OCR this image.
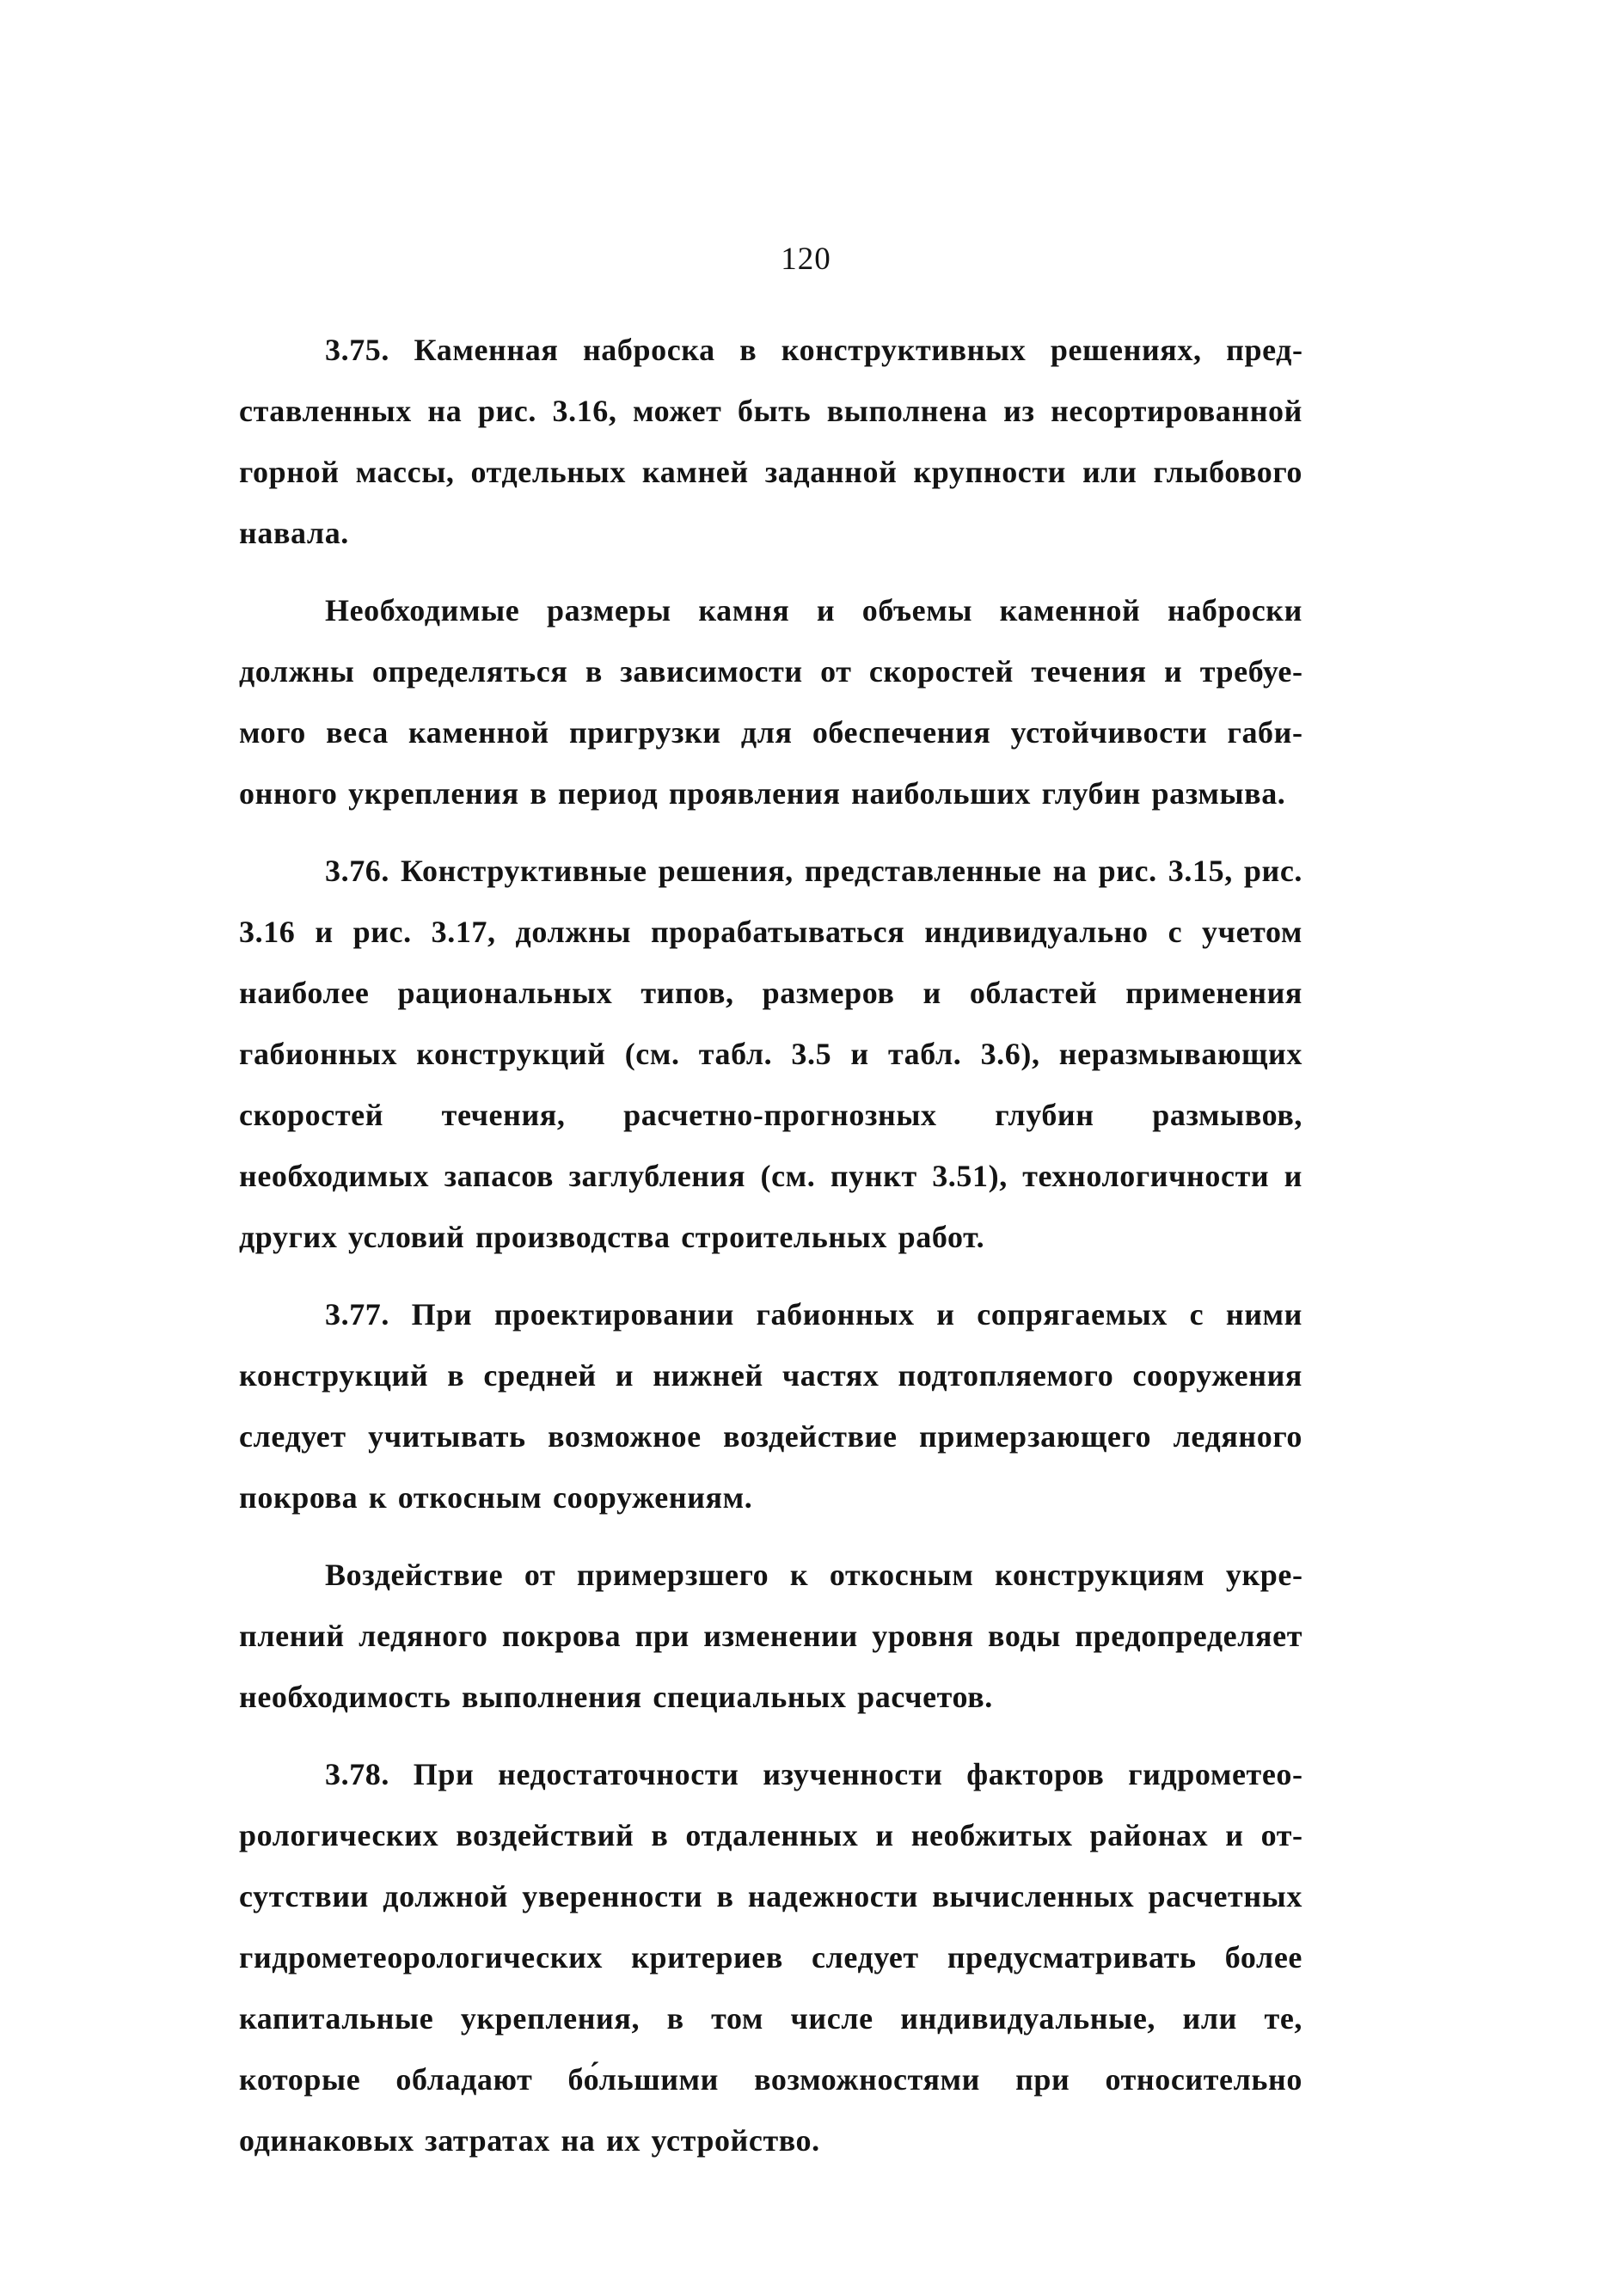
120

3.75. Каменная наброска в конструктивных решениях, представленных на рис. 3.16, может быть выполнена из несортированной горной массы, отдельных камней заданной крупности или глыбового навала.

Необходимые размеры камня и объемы каменной наброски должны определяться в зависимости от скоростей течения и требуемого веса каменной пригрузки для обеспечения устойчивости габионного укрепления в период проявления наибольших глубин размыва.

3.76. Конструктивные решения, представленные на рис. 3.15, рис. 3.16 и рис. 3.17, должны прорабатываться индивидуально с учетом наиболее рациональных типов, размеров и областей применения габионных конструкций (см. табл. 3.5 и табл. 3.6), неразмывающих скоростей течения, расчетно-прогнозных глубин размывов, необходимых запасов заглубления (см. пункт 3.51), технологичности и других условий производства строительных работ.

3.77. При проектировании габионных и сопрягаемых с ними конструкций в средней и нижней частях подтопляемого сооружения следует учитывать возможное воздействие примерзающего ледяного покрова к откосным сооружениям.

Воздействие от примерзшего к откосным конструкциям укреплений ледяного покрова при изменении уровня воды предопределяет необходимость выполнения специальных расчетов.

3.78. При недостаточности изученности факторов гидрометеорологических воздействий в отдаленных и необжитых районах и отсутствии должной уверенности в надежности вычисленных расчетных гидрометеорологических критериев следует предусматривать более капитальные укрепления, в том числе индивидуальные, или те, которые обладают бо́льшими возможностями при относительно одинаковых затратах на их устройство.
